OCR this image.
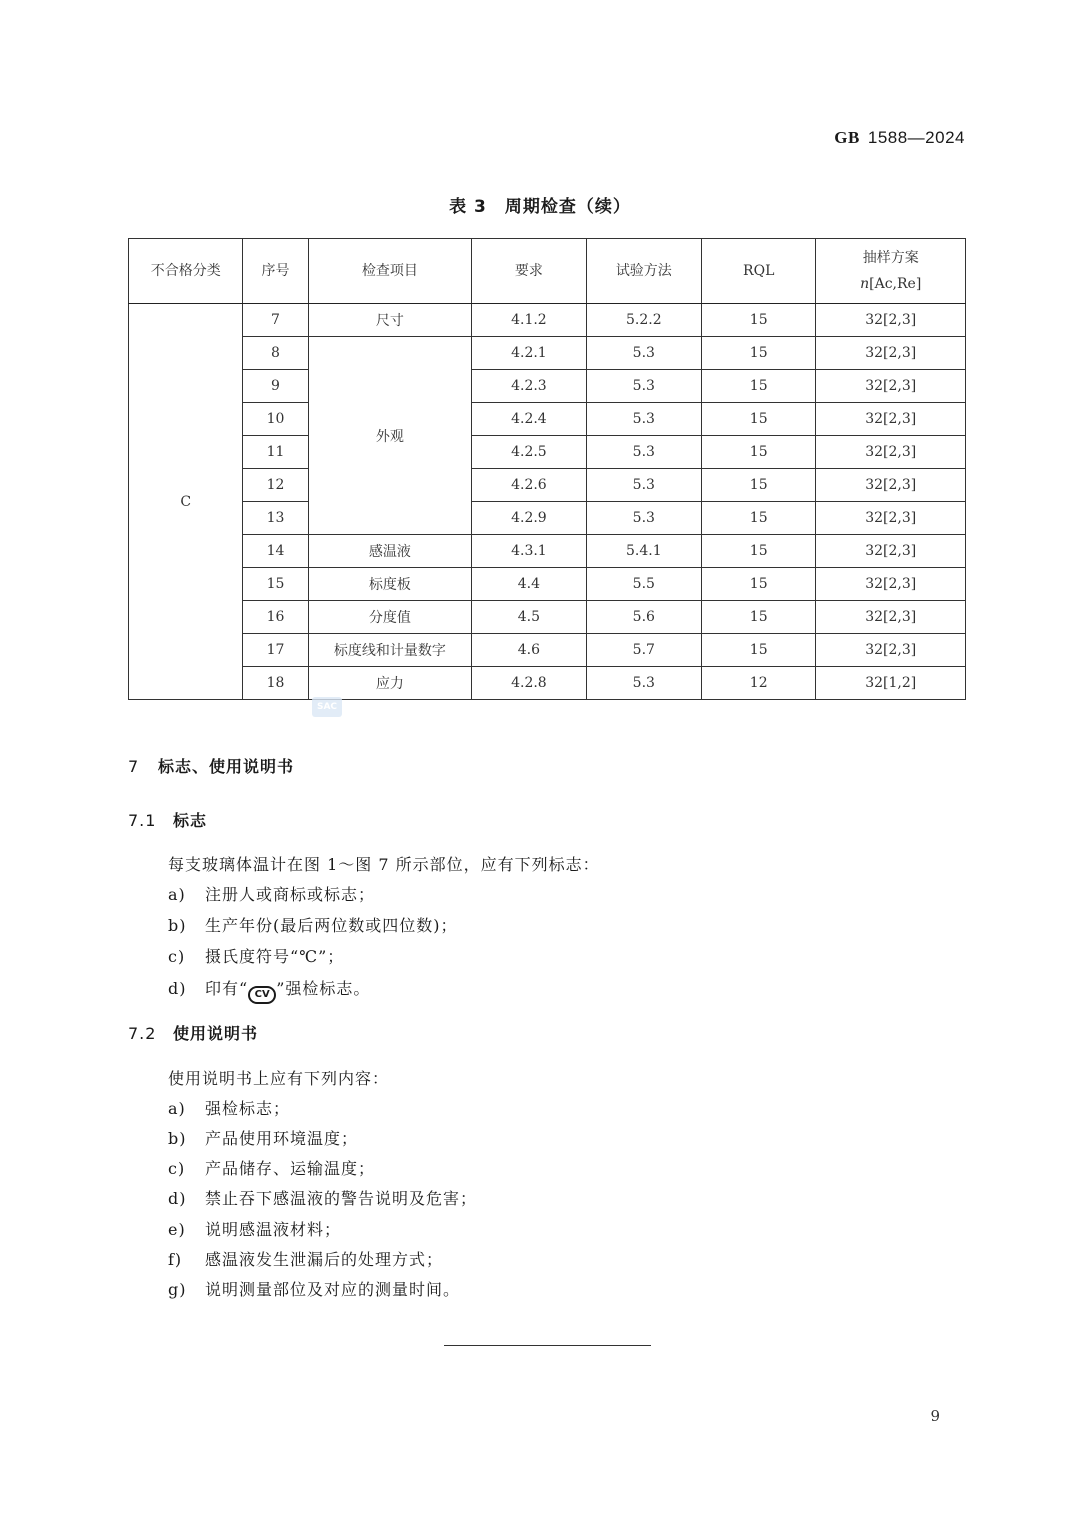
GB 1588—2024
表 3　周期检查（续）
不合格分类	序号	检查项目	要求	试验方法	RQL	抽样方案
n[Ac,Re]

C	7	尺寸	4.1.2	5.2.2	15	32[2,3]
	8	外观	4.2.1	5.3	15	32[2,3]
	9		4.2.3	5.3	15	32[2,3]
	10		4.2.4	5.3	15	32[2,3]
	11		4.2.5	5.3	15	32[2,3]
	12		4.2.6	5.3	15	32[2,3]
	13		4.2.9	5.3	15	32[2,3]
	14	感温液	4.3.1	5.4.1	15	32[2,3]
	15	标度板	4.4	5.5	15	32[2,3]
	16	分度值	4.5	5.6	15	32[2,3]
	17	标度线和计量数字	4.6	5.7	15	32[2,3]
	18	应力	4.2.8	5.3	12	32[1,2]
SAC
7 标志、使用说明书
7.1 标志
每支玻璃体温计在图 1～图 7 所示部位，应有下列标志：
a) 注册人或商标或标志；
b) 生产年份(最后两位数或四位数)；
c) 摄氏度符号“℃”；
d) 印有“ CV ”强检标志。
7.2 使用说明书
使用说明书上应有下列内容：
a) 强检标志；
b) 产品使用环境温度；
c) 产品储存、运输温度；
d) 禁止吞下感温液的警告说明及危害；
e) 说明感温液材料；
f) 感温液发生泄漏后的处理方式；
g) 说明测量部位及对应的测量时间。
9
